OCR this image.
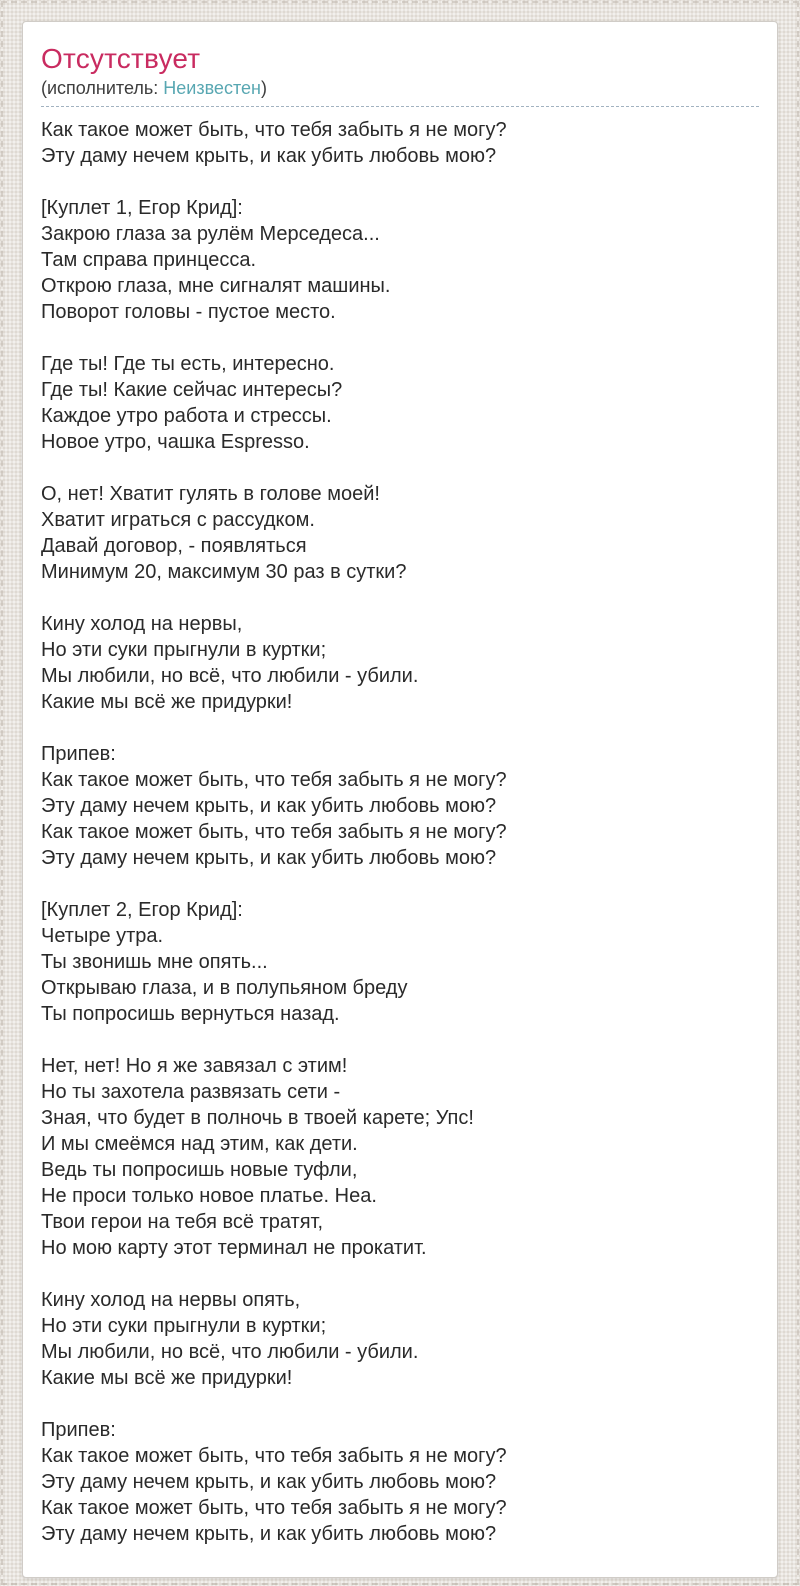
Отсутствует

(исполнитель: Неизвестен)

Как такое может быть, что тебя забыть я не могу?
Эту даму нечем крыть, и как убить любовь мою?
[Куплет 1, Егор Крид]:
Закрою глаза за рулём Мерседеса...
Там справа принцесса.
Открою глаза, мне сигналят машины.
Поворот головы - пустое место.
Где ты! Где ты есть, интересно.
Где ты! Какие сейчас интересы?
Каждое утро работа и стрессы.
Новое утро, чашка Espresso.
О, нет! Хватит гулять в голове моей!
Хватит играться с рассудком.
Давай договор, - появляться
Минимум 20, максимум 30 раз в сутки?
Кину холод на нервы,
Но эти суки прыгнули в куртки;
Мы любили, но всё, что любили - убили.
Какие мы всё же придурки!
Припев:
Как такое может быть, что тебя забыть я не могу?
Эту даму нечем крыть, и как убить любовь мою?
Как такое может быть, что тебя забыть я не могу?
Эту даму нечем крыть, и как убить любовь мою?
[Куплет 2, Егор Крид]:
Четыре утра.
Ты звонишь мне опять...
Открываю глаза, и в полупьяном бреду
Ты попросишь вернуться назад.
Нет, нет! Но я же завязал с этим!
Но ты захотела развязать сети -
Зная, что будет в полночь в твоей карете; Упс!
И мы смеёмся над этим, как дети.
Ведь ты попросишь новые туфли,
Не проси только новое платье. Неа.
Твои герои на тебя всё тратят,
Но мою карту этот терминал не прокатит.
Кину холод на нервы опять,
Но эти суки прыгнули в куртки;
Мы любили, но всё, что любили - убили.
Какие мы всё же придурки!
Припев:
Как такое может быть, что тебя забыть я не могу?
Эту даму нечем крыть, и как убить любовь мою?
Как такое может быть, что тебя забыть я не могу?
Эту даму нечем крыть, и как убить любовь мою?
